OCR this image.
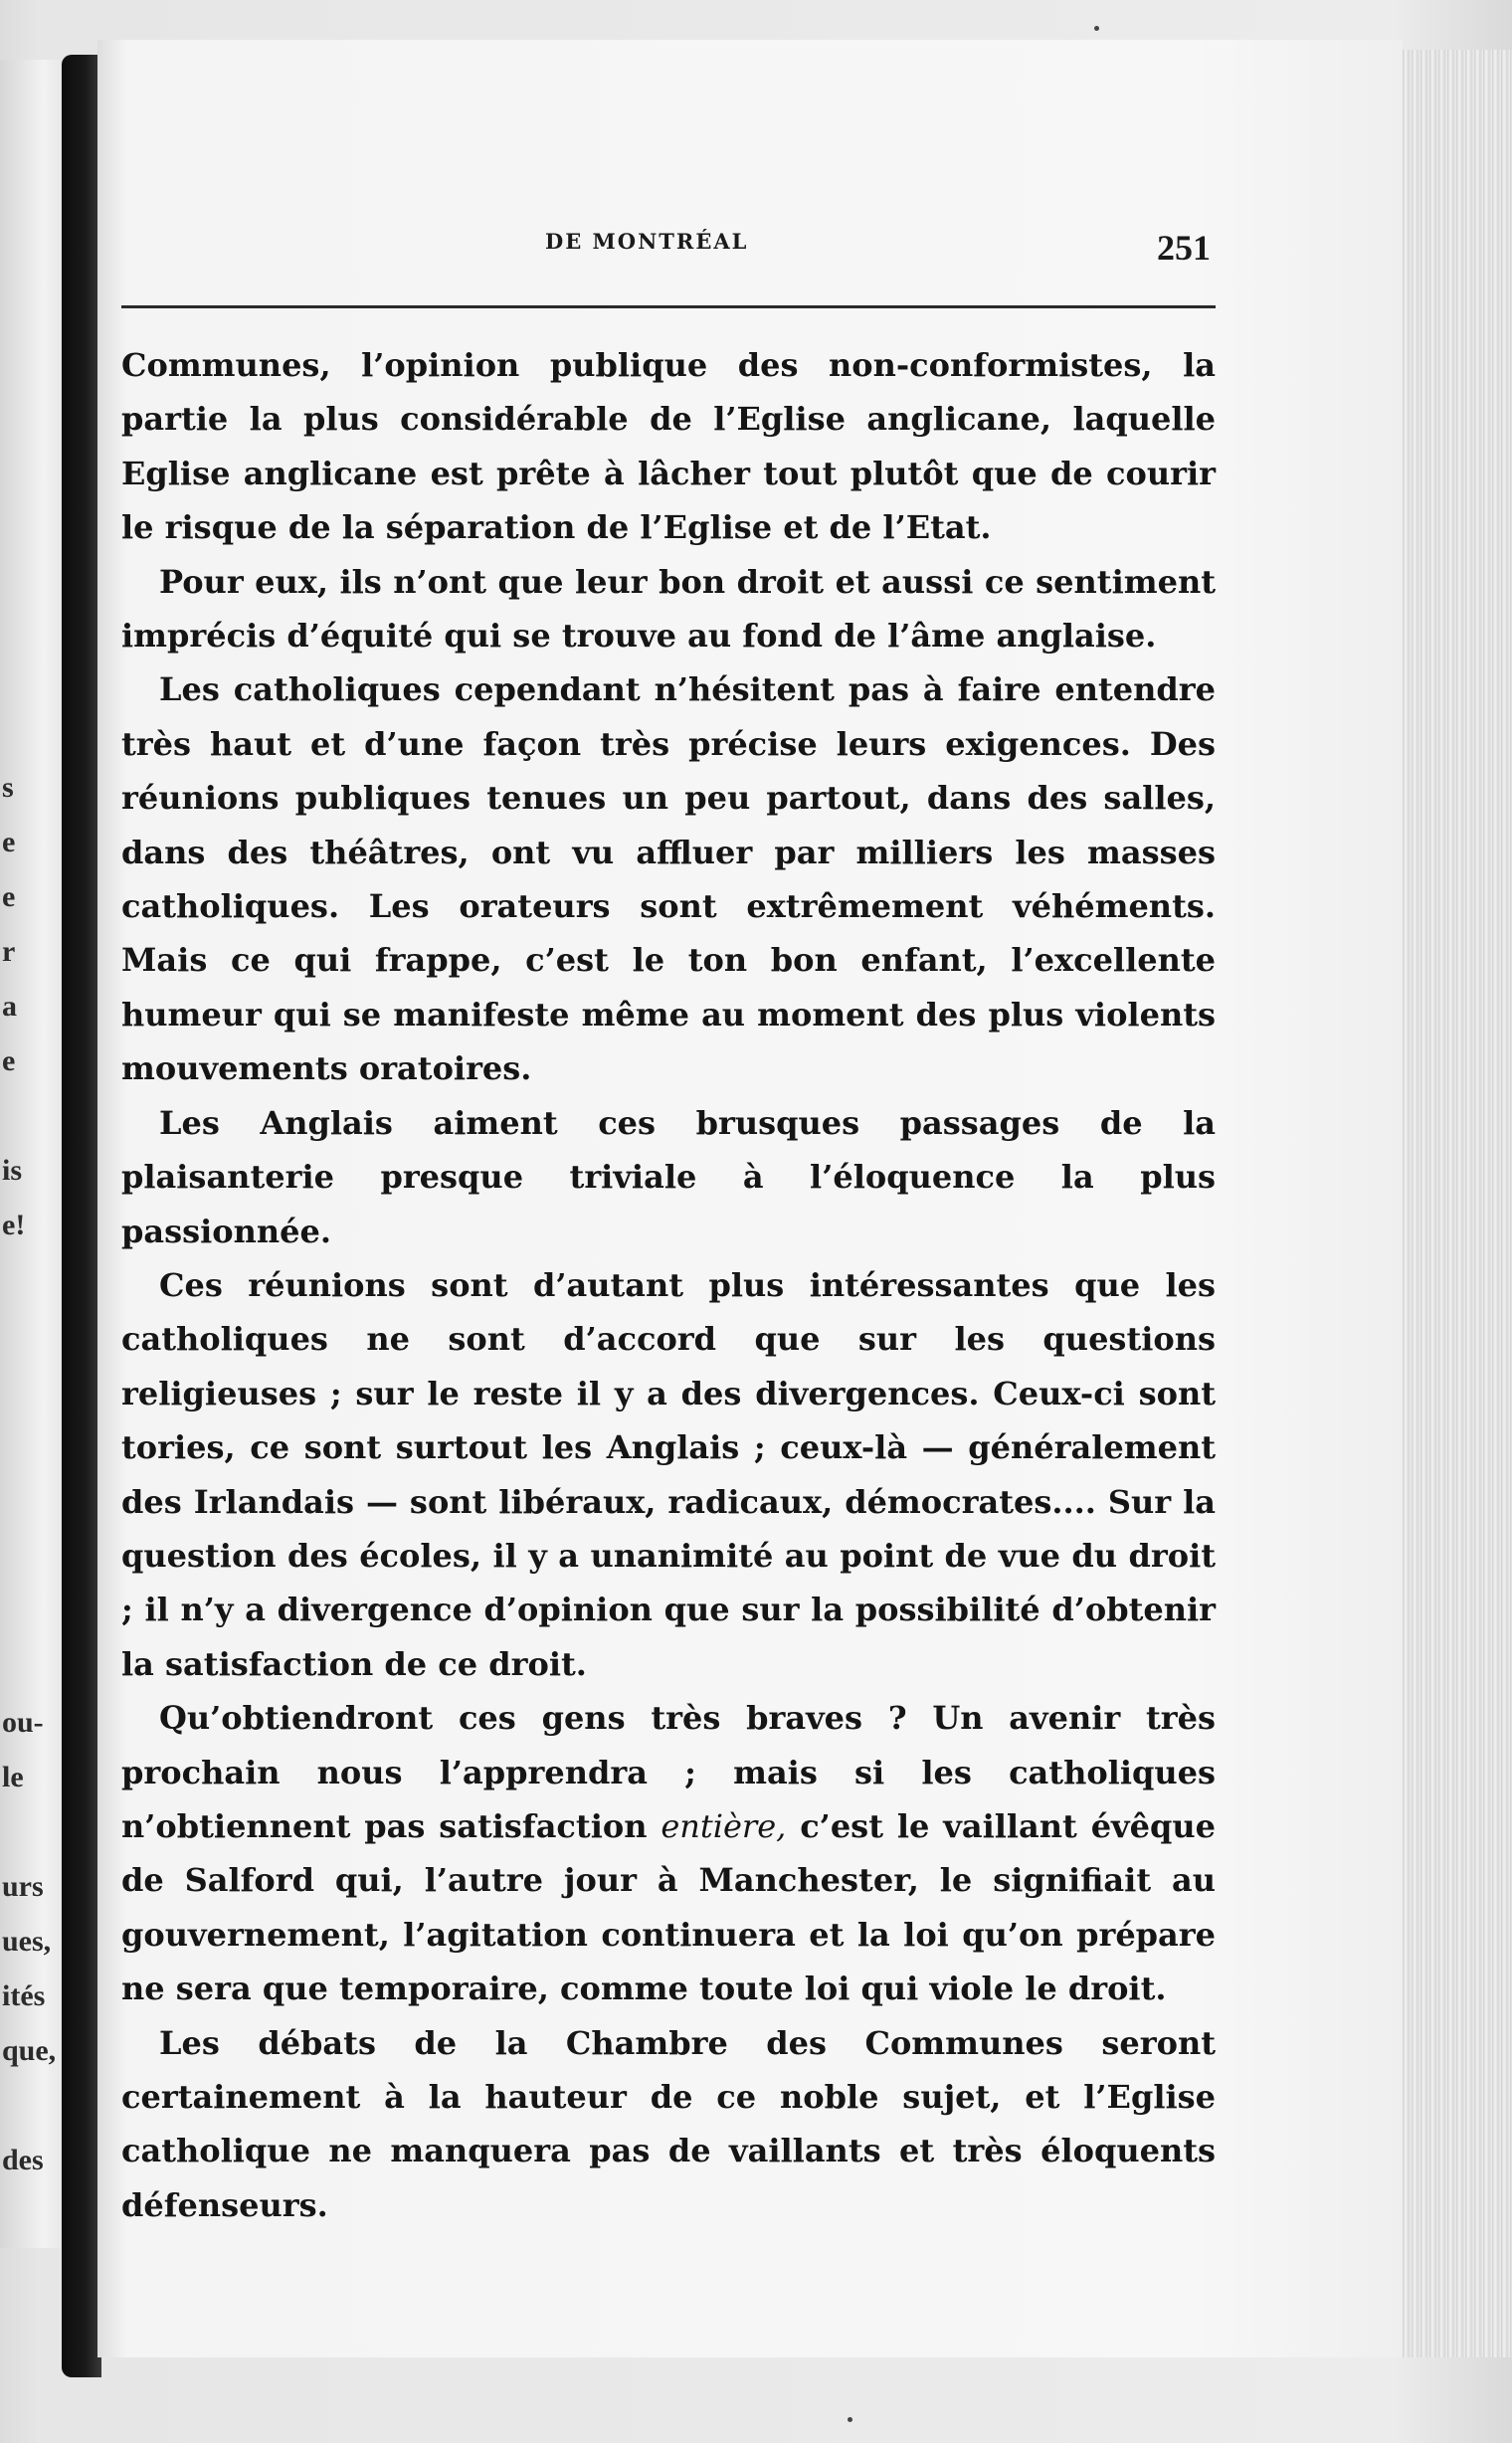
s
e
e
r
a
e
is
e!
ou-
le
urs
ues,
ités
que,
des
DE MONTRÉAL	251

Communes, l’opinion publique des non-conformistes, la partie la plus considérable de l’Eglise anglicane, laquelle Eglise anglicane est prête à lâcher tout plutôt que de courir le risque de la séparation de l’Eglise et de l’Etat.

Pour eux, ils n’ont que leur bon droit et aussi ce sentiment imprécis d’équité qui se trouve au fond de l’âme anglaise.

Les catholiques cependant n’hésitent pas à faire entendre très haut et d’une façon très précise leurs exigences. Des réunions publiques tenues un peu partout, dans des salles, dans des théâtres, ont vu affluer par milliers les masses catholiques. Les orateurs sont extrêmement véhéments. Mais ce qui frappe, c’est le ton bon enfant, l’excellente humeur qui se manifeste même au moment des plus violents mouvements oratoires.

Les Anglais aiment ces brusques passages de la plaisanterie presque triviale à l’éloquence la plus passionnée.

Ces réunions sont d’autant plus intéressantes que les catholiques ne sont d’accord que sur les questions religieuses ; sur le reste il y a des divergences. Ceux-ci sont tories, ce sont surtout les Anglais ; ceux-là — généralement des Irlandais — sont libéraux, radicaux, démocrates.... Sur la question des écoles, il y a unanimité au point de vue du droit ; il n’y a divergence d’opinion que sur la possibilité d’obtenir la satisfaction de ce droit.

Qu’obtiendront ces gens très braves ? Un avenir très prochain nous l’apprendra ; mais si les catholiques n’obtiennent pas satisfaction entière, c’est le vaillant évêque de Salford qui, l’autre jour à Manchester, le signifiait au gouvernement, l’agitation continuera et la loi qu’on prépare ne sera que temporaire, comme toute loi qui viole le droit.

Les débats de la Chambre des Communes seront certainement à la hauteur de ce noble sujet, et l’Eglise catholique ne manquera pas de vaillants et très éloquents défenseurs.
